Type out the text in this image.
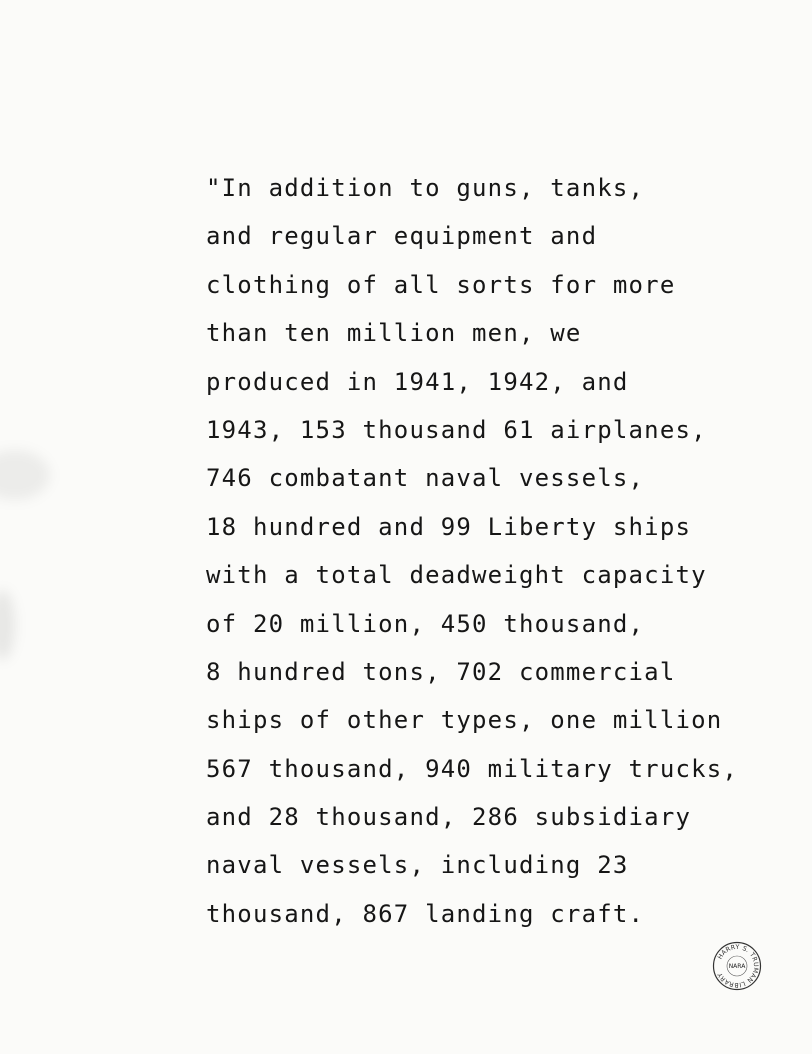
"In addition to guns, tanks,
and regular equipment and
clothing of all sorts for more
than ten million men, we
produced in 1941, 1942, and
1943, 153 thousand 61 airplanes,
746 combatant naval vessels,
18 hundred and 99 Liberty ships
with a total deadweight capacity
of 20 million, 450 thousand,
8 hundred tons, 702 commercial
ships of other types, one million
567 thousand, 940 military trucks,
and 28 thousand, 286 subsidiary
naval vessels, including 23
thousand, 867 landing craft.
HARRY S. TRUMAN LIBRARY
NARA
